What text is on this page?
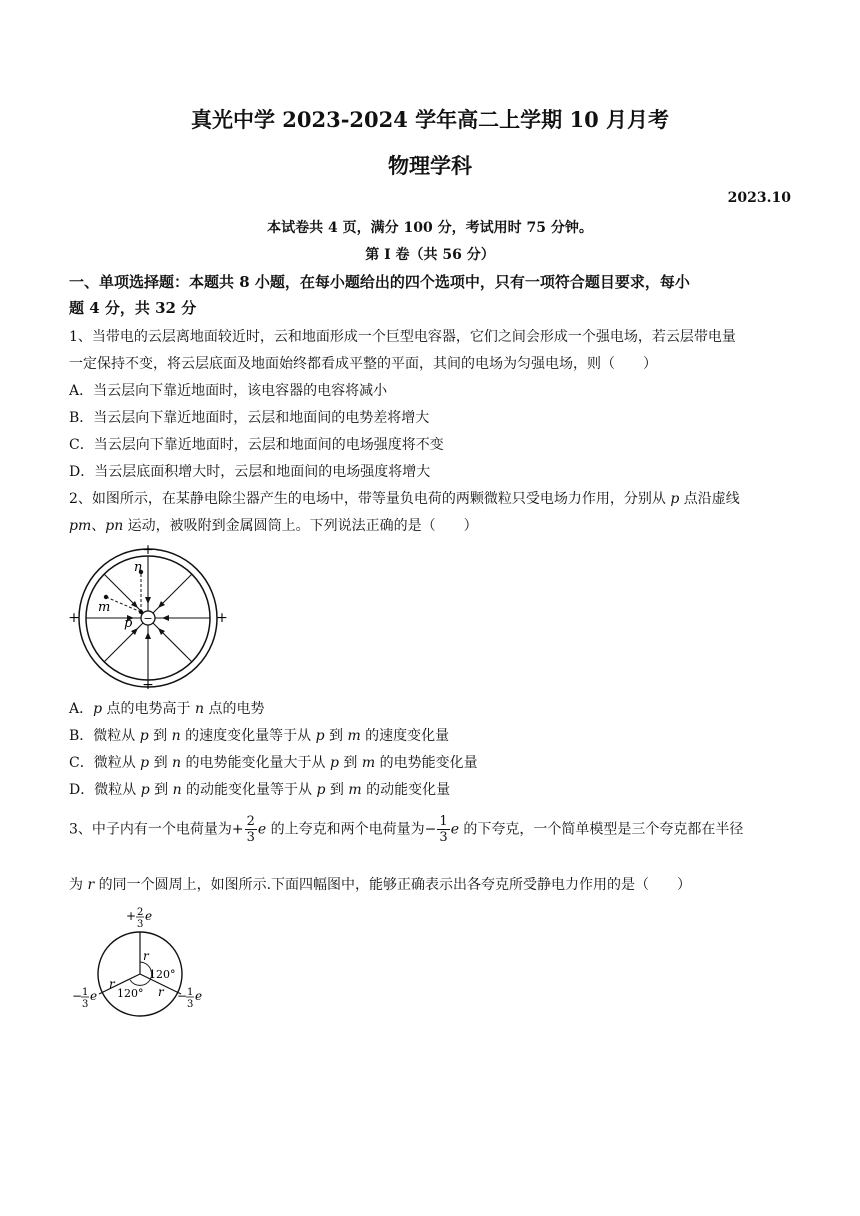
真光中学 2023-2024 学年高二上学期 10 月月考
物理学科
2023.10
本试卷共 4 页，满分 100 分，考试用时 75 分钟。
第 I 卷（共 56 分）
一、单项选择题：本题共 8 小题，在每小题给出的四个选项中，只有一项符合题目要求，每小
题 4 分，共 32 分
1、当带电的云层离地面较近时，云和地面形成一个巨型电容器，它们之间会形成一个强电场，若云层带电量
一定保持不变，将云层底面及地面始终都看成平整的平面，其间的电场为匀强电场，则（　　）
A．当云层向下靠近地面时，该电容器的电容将减小
B．当云层向下靠近地面时，云层和地面间的电势差将增大
C．当云层向下靠近地面时，云层和地面间的电场强度将不变
D．当云层底面积增大时，云层和地面间的电场强度将增大
2、如图所示，在某静电除尘器产生的电场中，带等量负电荷的两颗微粒只受电场力作用，分别从 p 点沿虚线
pm、pn 运动，被吸附到金属圆筒上。下列说法正确的是（　　）
−
n
m
p
+
+
+	+
A．p 点的电势高于 n 点的电势
B．微粒从 p 到 n 的速度变化量等于从 p 到 m 的速度变化量
C．微粒从 p 到 n 的电势能变化量大于从 p 到 m 的电势能变化量
D．微粒从 p 到 n 的动能变化量等于从 p 到 m 的动能变化量
3、中子内有一个电荷量为+ $\frac{2}{3}$ e 的上夸克和两个电荷量为− $\frac{1}{3}$ e 的下夸克，一个简单模型是三个夸克都在半径
为 r 的同一个圆周上，如图所示.下面四幅图中，能够正确表示出各夸克所受静电力作用的是（　　）
r
r
r
120°
120°
+ 2
3
e
− 1
3
e	− 1
3
e
